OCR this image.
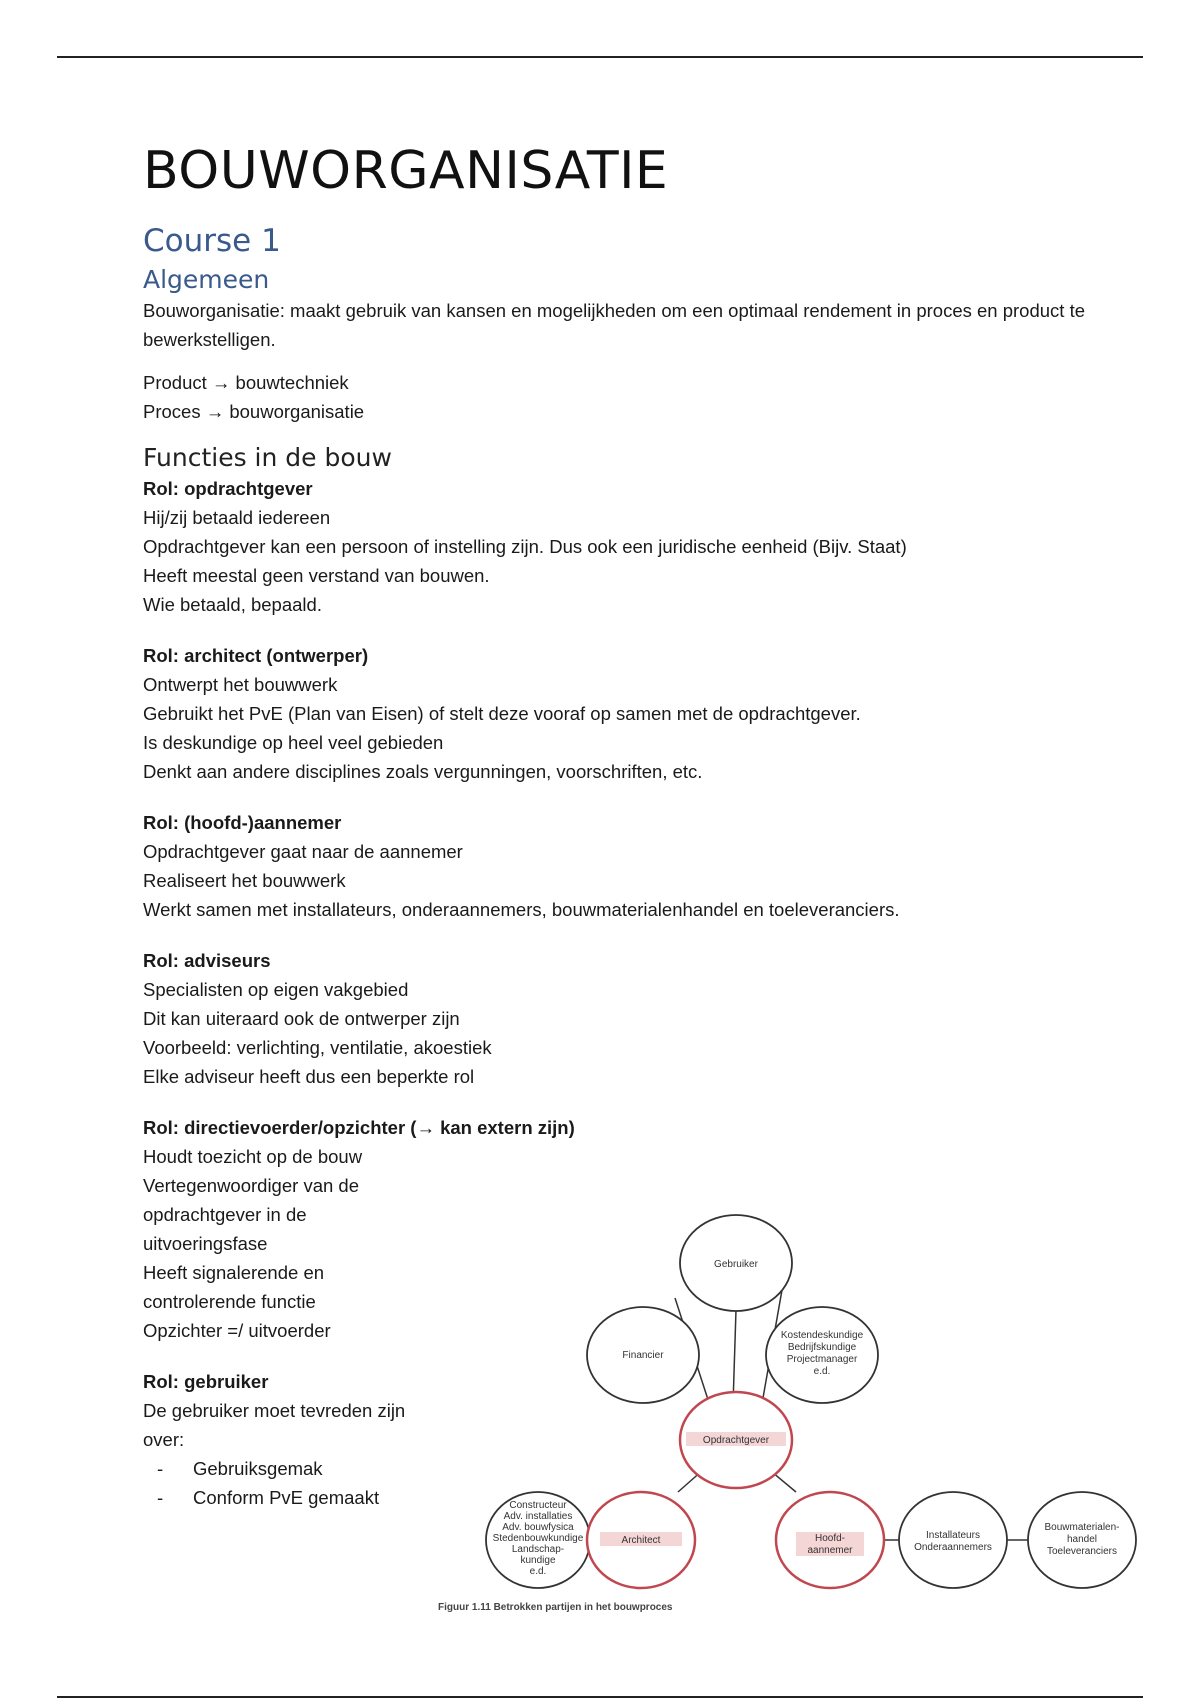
BOUWORGANISATIE
Course 1
Algemeen

Bouworganisatie: maakt gebruik van kansen en mogelijkheden om een optimaal rendement in proces en product te bewerkstelligen.

Product → bouwtechniek

Proces → bouworganisatie

Functies in de bouw
Rol: opdrachtgever

Hij/zij betaald iedereen

Opdrachtgever kan een persoon of instelling zijn. Dus ook een juridische eenheid (Bijv. Staat)

Heeft meestal geen verstand van bouwen.

Wie betaald, bepaald.

Rol: architect (ontwerper)

Ontwerpt het bouwwerk

Gebruikt het PvE (Plan van Eisen) of stelt deze vooraf op samen met de opdrachtgever.

Is deskundige op heel veel gebieden

Denkt aan andere disciplines zoals vergunningen, voorschriften, etc.

Rol: (hoofd-)aannemer

Opdrachtgever gaat naar de aannemer

Realiseert het bouwwerk

Werkt samen met installateurs, onderaannemers, bouwmaterialenhandel en toeleveranciers.

Rol: adviseurs

Specialisten op eigen vakgebied

Dit kan uiteraard ook de ontwerper zijn

Voorbeeld: verlichting, ventilatie, akoestiek

Elke adviseur heeft dus een beperkte rol

Rol: directievoerder/opzichter (→ kan extern zijn)

Houdt toezicht op de bouw

Vertegenwoordiger van de opdrachtgever in de uitvoeringsfase

Heeft signalerende en controlerende functie

Opzichter =/ uitvoerder

Rol: gebruiker

De gebruiker moet tevreden zijn over:

- Gebruiksgemak
- Conform PvE gemaakt
Gebruiker
Financier
Kostendeskundige
Bedrijfskundige
Projectmanager
e.d.
Opdrachtgever
Constructeur
Adv. installaties
Adv. bouwfysica
Stedenbouwkundige
Landschap-
kundige
e.d.
Architect	Hoofd-
aannemer
Installateurs
Onderaannemers
Bouwmaterialen-
handel
Toeleveranciers
Figuur 1.11 Betrokken partijen in het bouwproces
